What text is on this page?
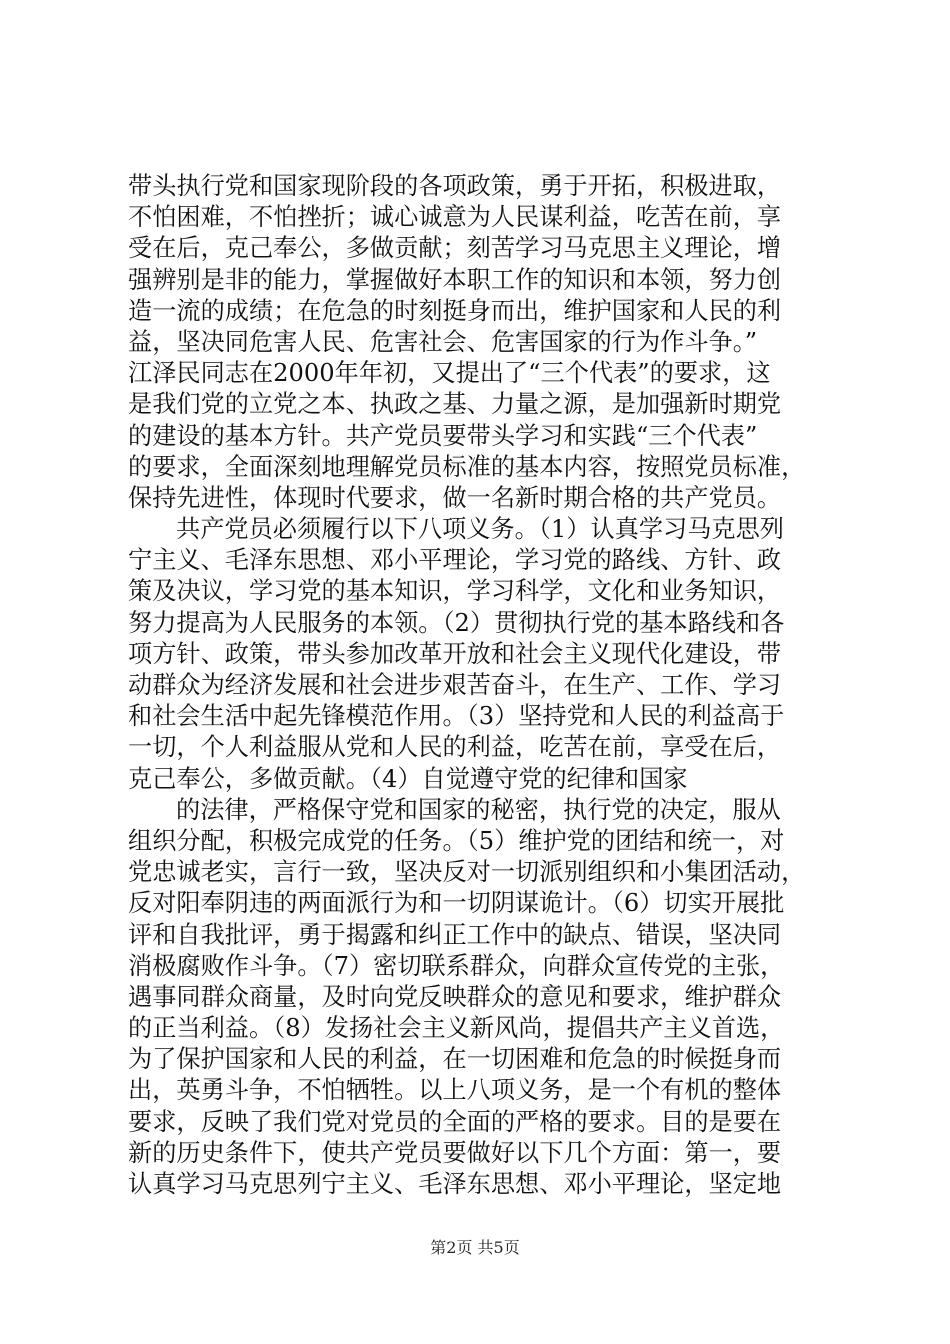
带头执行党和国家现阶段的各项政策，勇于开拓，积极进取，
不怕困难，不怕挫折；诚心诚意为人民谋利益，吃苦在前，享
受在后，克己奉公，多做贡献；刻苦学习马克思主义理论，增
强辨别是非的能力，掌握做好本职工作的知识和本领，努力创
造一流的成绩；在危急的时刻挺身而出，维护国家和人民的利
益，坚决同危害人民、危害社会、危害国家的行为作斗争。”
江泽民同志在2000年年初，又提出了“三个代表”的要求，这
是我们党的立党之本、执政之基、力量之源，是加强新时期党
的建设的基本方针。共产党员要带头学习和实践“三个代表”
的要求，全面深刻地理解党员标准的基本内容，按照党员标准，
保持先进性，体现时代要求，做一名新时期合格的共产党员。
共产党员必须履行以下八项义务。（1）认真学习马克思列
宁主义、毛泽东思想、邓小平理论，学习党的路线、方针、政
策及决议，学习党的基本知识，学习科学，文化和业务知识，
努力提高为人民服务的本领。（2）贯彻执行党的基本路线和各
项方针、政策，带头参加改革开放和社会主义现代化建设，带
动群众为经济发展和社会进步艰苦奋斗，在生产、工作、学习
和社会生活中起先锋模范作用。（3）坚持党和人民的利益高于
一切，个人利益服从党和人民的利益，吃苦在前，享受在后，
克己奉公，多做贡献。（4）自觉遵守党的纪律和国家
的法律，严格保守党和国家的秘密，执行党的决定，服从
组织分配，积极完成党的任务。（5）维护党的团结和统一，对
党忠诚老实，言行一致，坚决反对一切派别组织和小集团活动，
反对阳奉阴违的两面派行为和一切阴谋诡计。（6）切实开展批
评和自我批评，勇于揭露和纠正工作中的缺点、错误，坚决同
消极腐败作斗争。（7）密切联系群众，向群众宣传党的主张，
遇事同群众商量，及时向党反映群众的意见和要求，维护群众
的正当利益。（8）发扬社会主义新风尚，提倡共产主义首选，
为了保护国家和人民的利益，在一切困难和危急的时候挺身而
出，英勇斗争，不怕牺牲。以上八项义务，是一个有机的整体
要求，反映了我们党对党员的全面的严格的要求。目的是要在
新的历史条件下，使共产党员要做好以下几个方面：第一，要
认真学习马克思列宁主义、毛泽东思想、邓小平理论，坚定地
第2页 共5页
